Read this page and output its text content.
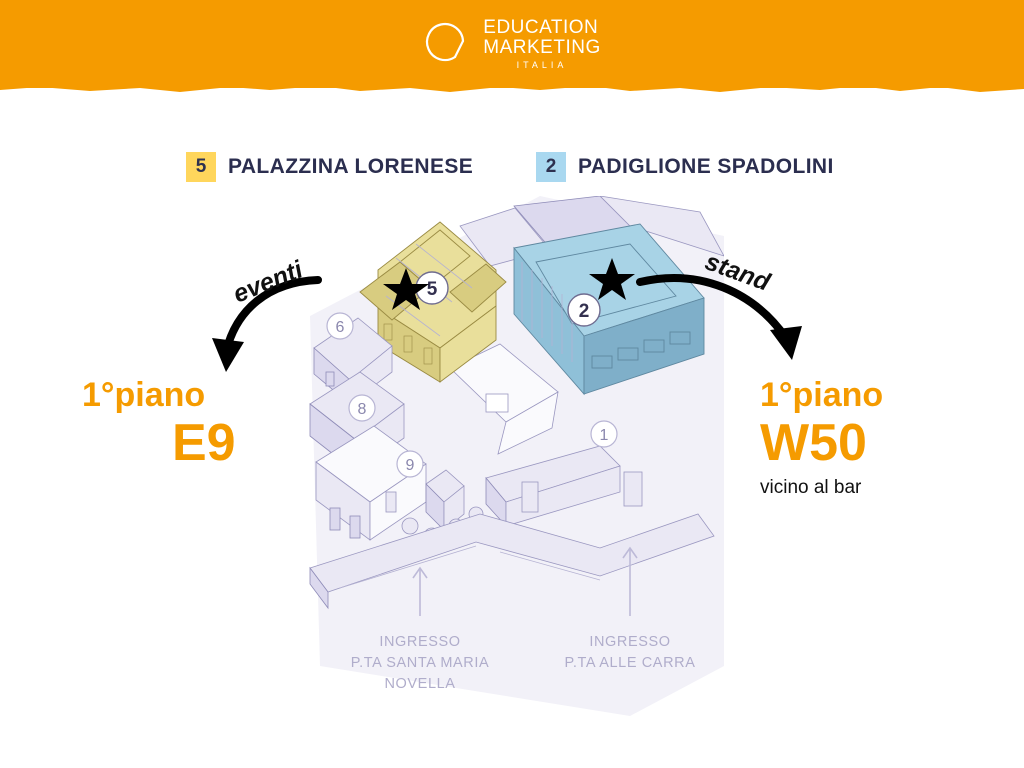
EDUCATION
MARKETING
ITALIA
5	PALAZZINA LORENESE	2	PADIGLIONE SPADOLINI
6
8
9
1
5
2
INGRESSO
P.TA SANTA MARIA
NOVELLA
INGRESSO
P.TA ALLE CARRA
eventi	stand
1°piano
E9
1°piano
W50
vicino al bar
